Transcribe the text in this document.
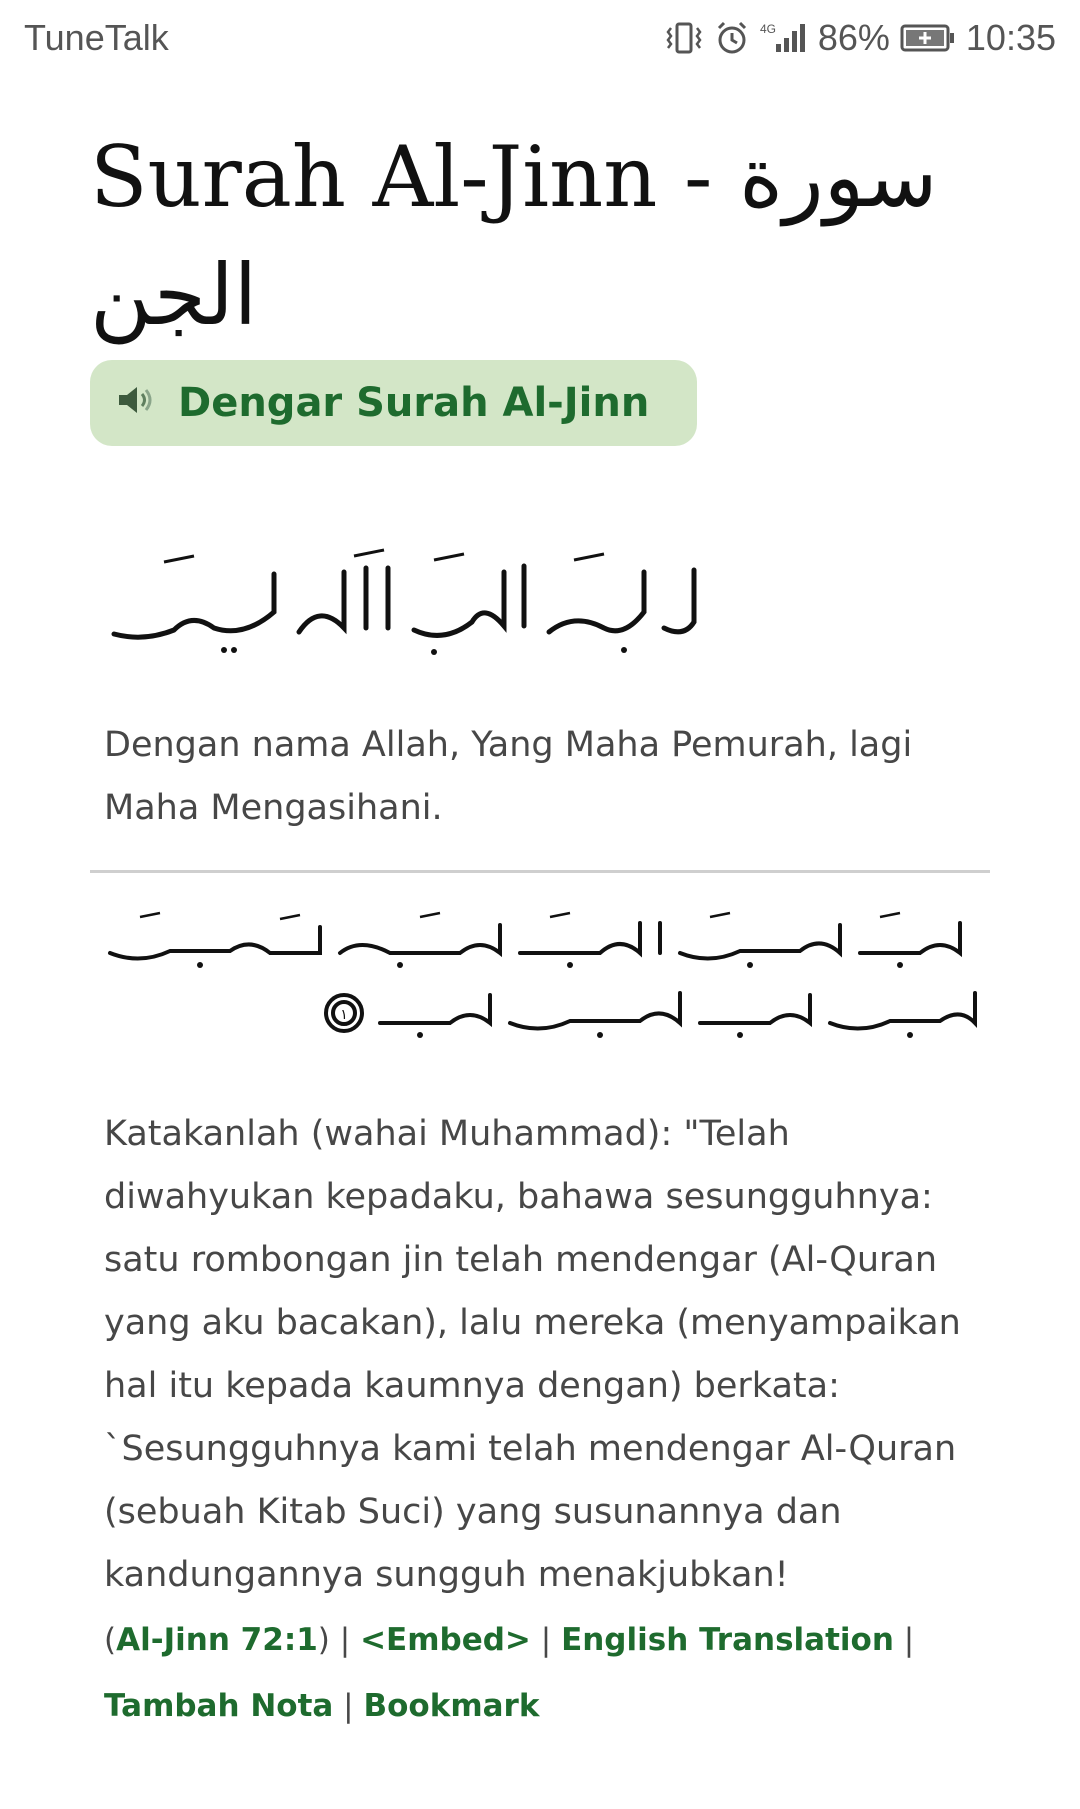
TuneTalk	4G 86% 10:35
Surah Al-Jinn - سورة الجن
Dengar Surah Al-Jinn
Dengan nama Allah, Yang Maha Pemurah, lagi Maha Mengasihani.
١
Katakanlah (wahai Muhammad): "Telah diwahyukan kepadaku, bahawa sesungguhnya: satu rombongan jin telah mendengar (Al-Quran yang aku bacakan), lalu mereka (menyampaikan hal itu kepada kaumnya dengan) berkata: `Sesungguhnya kami telah mendengar Al-Quran (sebuah Kitab Suci) yang susunannya dan kandungannya sungguh menakjubkan!
(Al-Jinn 72:1) | <Embed> | English Translation | Tambah Nota | Bookmark
